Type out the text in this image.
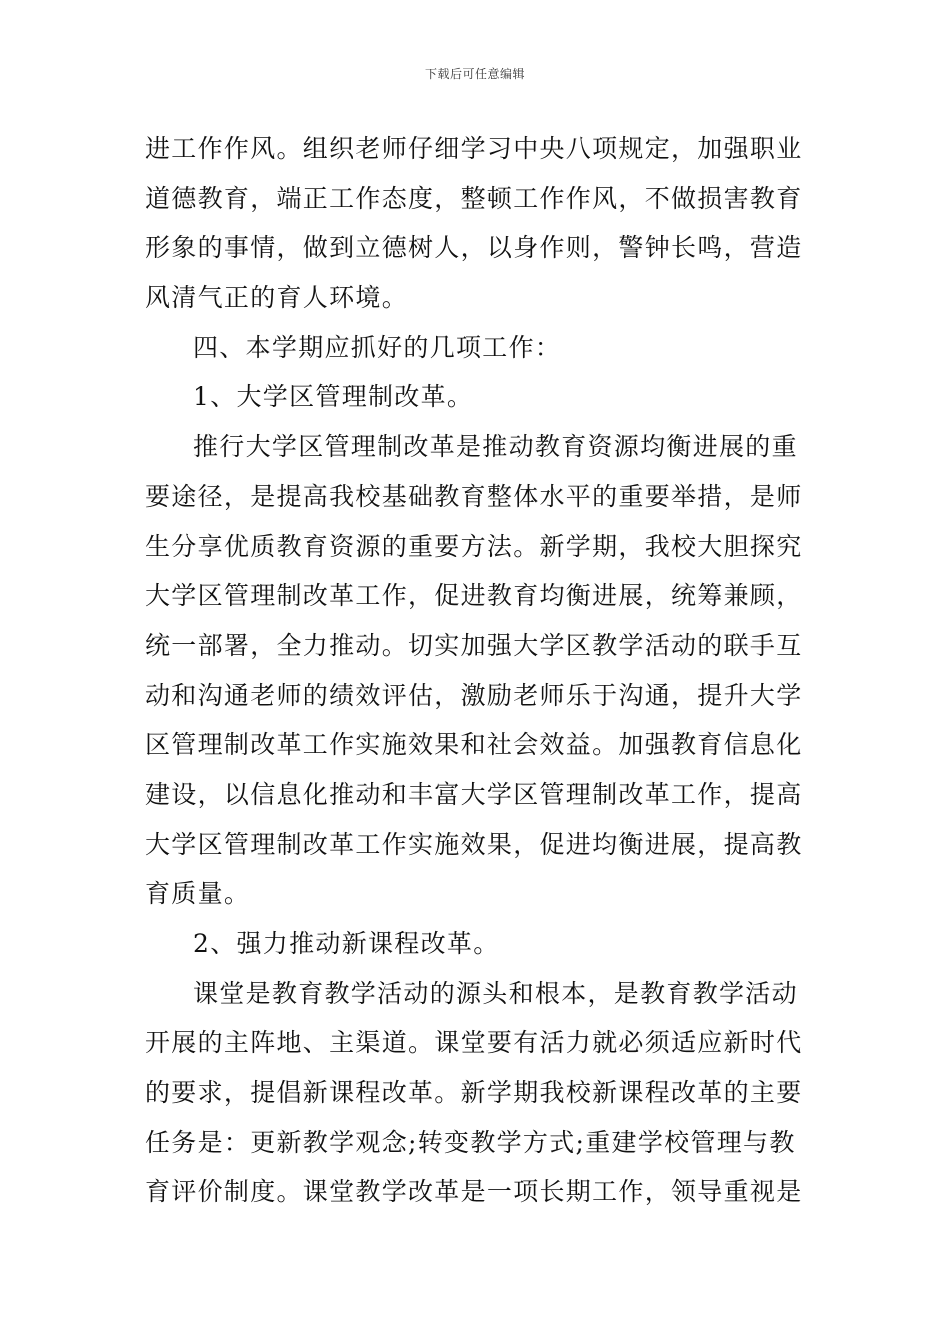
下载后可任意编辑
进工作作风。组织老师仔细学习中央八项规定，加强职业
道德教育，端正工作态度，整顿工作作风，不做损害教育
形象的事情，做到立德树人，以身作则，警钟长鸣，营造
风清气正的育人环境。
四、本学期应抓好的几项工作：
1、大学区管理制改革。
推行大学区管理制改革是推动教育资源均衡进展的重
要途径，是提高我校基础教育整体水平的重要举措，是师
生分享优质教育资源的重要方法。新学期，我校大胆探究
大学区管理制改革工作，促进教育均衡进展，统筹兼顾，
统一部署，全力推动。切实加强大学区教学活动的联手互
动和沟通老师的绩效评估，激励老师乐于沟通，提升大学
区管理制改革工作实施效果和社会效益。加强教育信息化
建设，以信息化推动和丰富大学区管理制改革工作，提高
大学区管理制改革工作实施效果，促进均衡进展，提高教
育质量。
2、强力推动新课程改革。
课堂是教育教学活动的源头和根本，是教育教学活动
开展的主阵地、主渠道。课堂要有活力就必须适应新时代
的要求，提倡新课程改革。新学期我校新课程改革的主要
任务是：更新教学观念;转变教学方式;重建学校管理与教
育评价制度。课堂教学改革是一项长期工作，领导重视是
